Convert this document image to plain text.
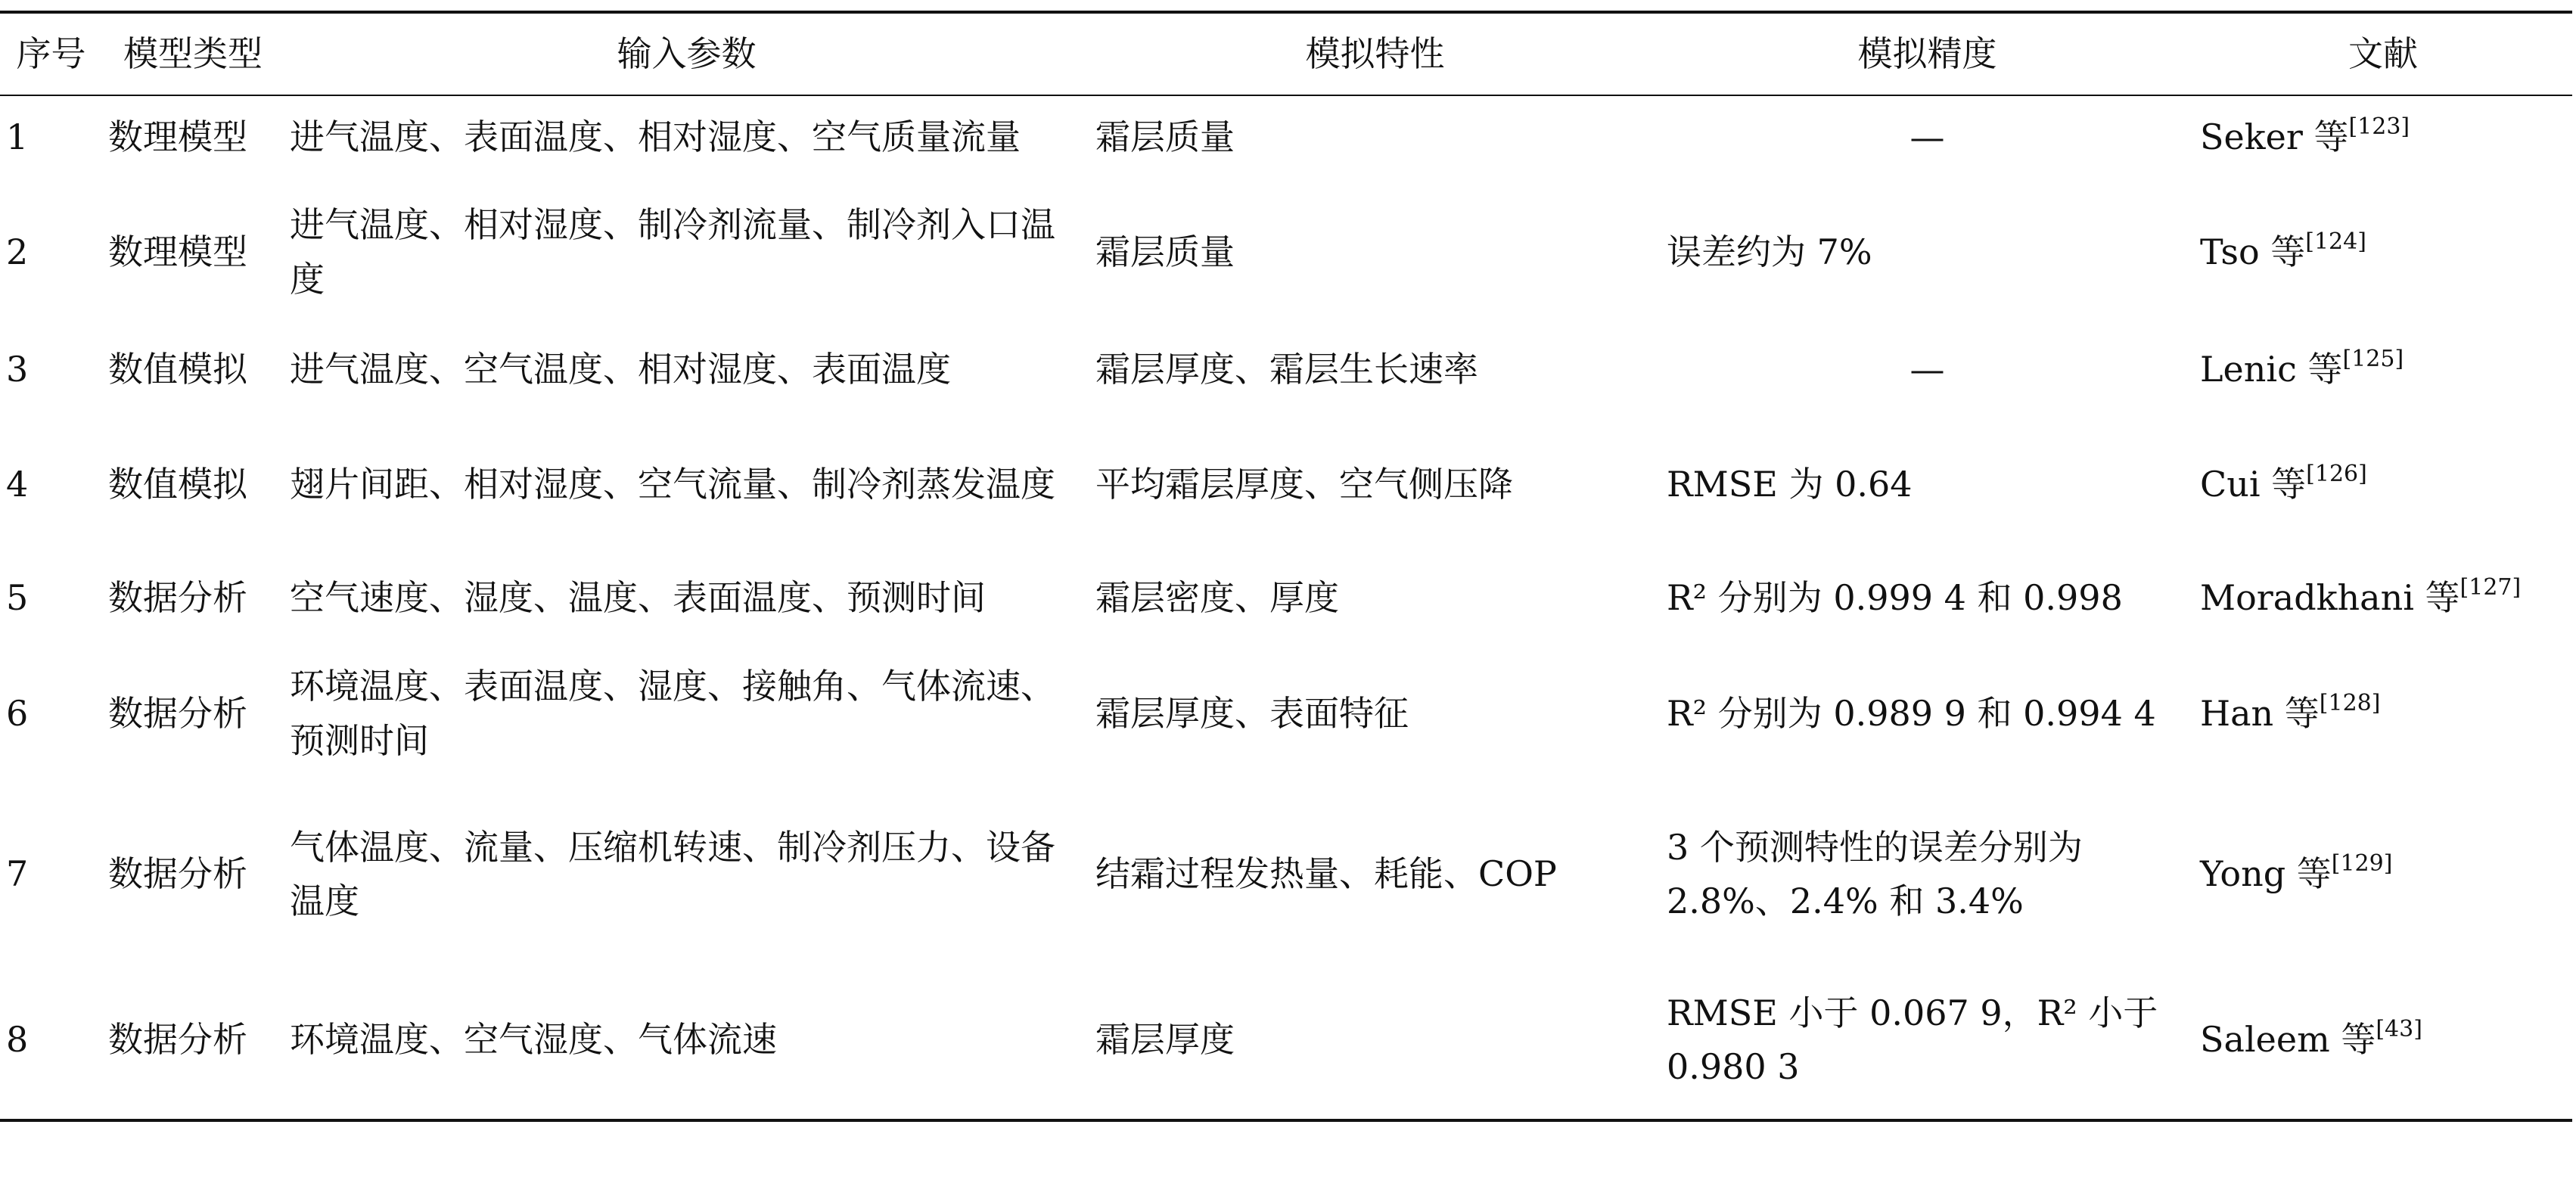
序号	模型类型	输入参数	模拟特性	模拟精度	文献
1	数理模型	进气温度、表面温度、相对湿度、空气质量流量	霜层质量	—	Seker 等[123]
2	数理模型	进气温度、相对湿度、制冷剂流量、制冷剂入口温度	霜层质量	误差约为 7%	Tso 等[124]
3	数值模拟	进气温度、空气温度、相对湿度、表面温度	霜层厚度、霜层生长速率	—	Lenic 等[125]
4	数值模拟	翅片间距、相对湿度、空气流量、制冷剂蒸发温度	平均霜层厚度、空气侧压降	RMSE 为 0.64	Cui 等[126]
5	数据分析	空气速度、湿度、温度、表面温度、预测时间	霜层密度、厚度	R² 分别为 0.999 4 和 0.998	Moradkhani 等[127]
6	数据分析	环境温度、表面温度、湿度、接触角、气体流速、预测时间	霜层厚度、表面特征	R² 分别为 0.989 9 和 0.994 4	Han 等[128]
7	数据分析	气体温度、流量、压缩机转速、制冷剂压力、设备温度	结霜过程发热量、耗能、COP	3 个预测特性的误差分别为 2.8%、2.4% 和 3.4%	Yong 等[129]
8	数据分析	环境温度、空气湿度、气体流速	霜层厚度	RMSE 小于 0.067 9，R² 小于 0.980 3	Saleem 等[43]
